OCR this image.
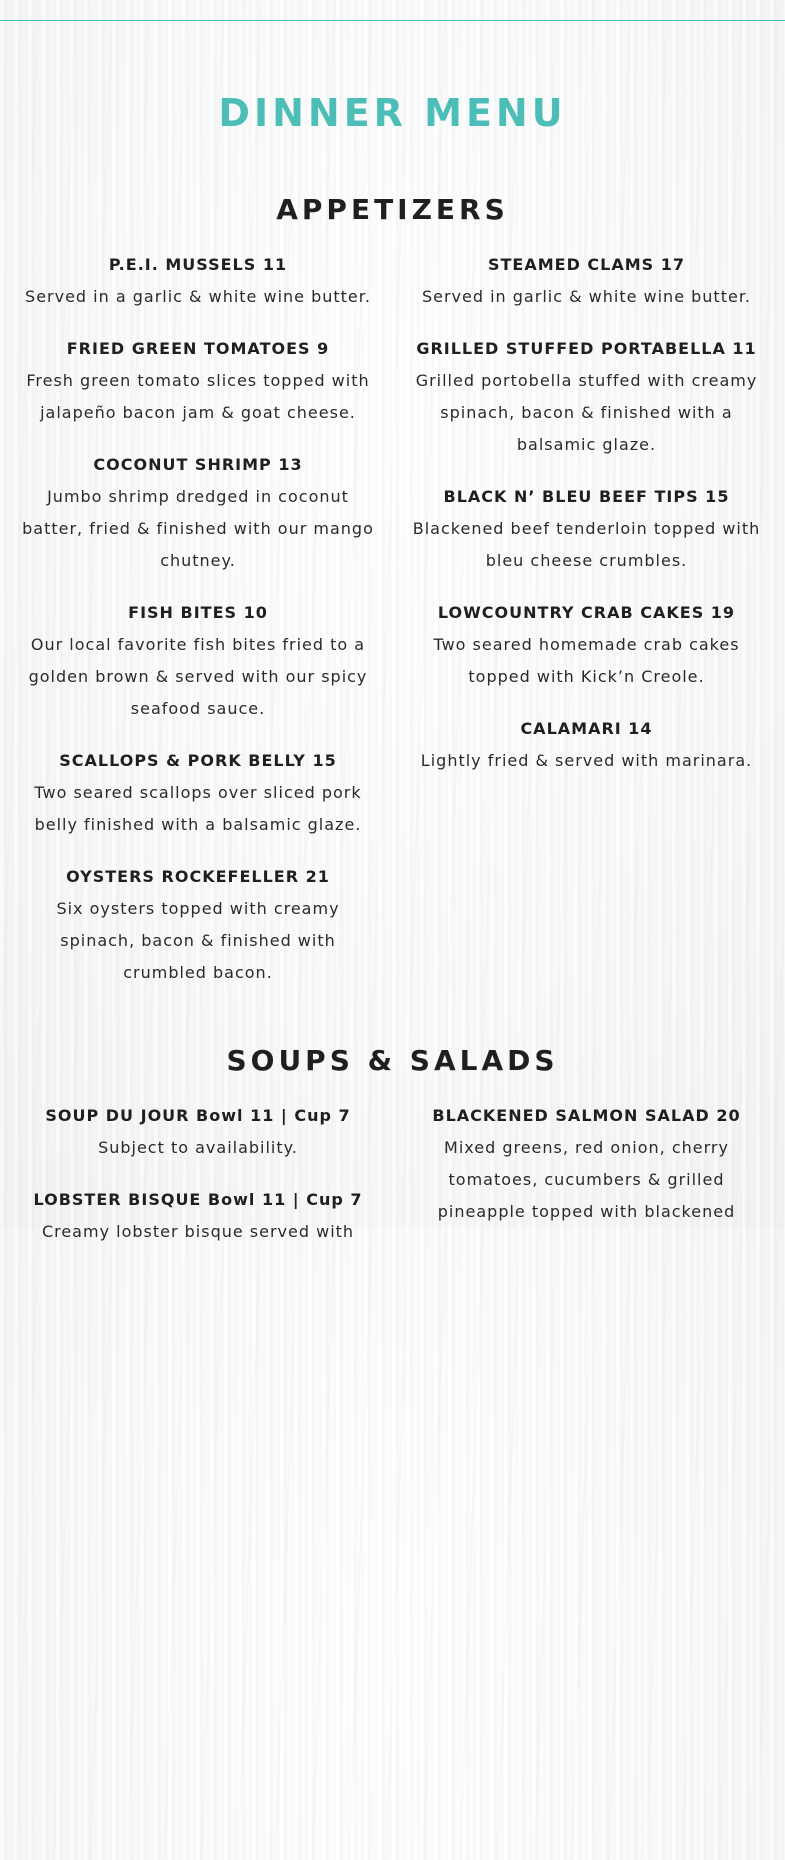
DINNER MENU
APPETIZERS
P.E.I. MUSSELS 11
Served in a garlic & white wine butter.
FRIED GREEN TOMATOES 9
Fresh green tomato slices topped with jalapeño bacon jam & goat cheese.
COCONUT SHRIMP 13
Jumbo shrimp dredged in coconut batter, fried & finished with our mango chutney.
FISH BITES 10
Our local favorite fish bites fried to a golden brown & served with our spicy seafood sauce.
SCALLOPS & PORK BELLY 15
Two seared scallops over sliced pork belly finished with a balsamic glaze.
OYSTERS ROCKEFELLER 21
Six oysters topped with creamy spinach, bacon & finished with crumbled bacon.
STEAMED CLAMS 17
Served in garlic & white wine butter.
GRILLED STUFFED PORTABELLA 11
Grilled portobella stuffed with creamy spinach, bacon & finished with a balsamic glaze.
BLACK N’ BLEU BEEF TIPS 15
Blackened beef tenderloin topped with bleu cheese crumbles.
LOWCOUNTRY CRAB CAKES 19
Two seared homemade crab cakes topped with Kick’n Creole.
CALAMARI 14
Lightly fried & served with marinara.
SOUPS & SALADS
SOUP DU JOUR Bowl 11 | Cup 7
Subject to availability.
LOBSTER BISQUE Bowl 11 | Cup 7
Creamy lobster bisque served with
BLACKENED SALMON SALAD 20
Mixed greens, red onion, cherry tomatoes, cucumbers & grilled pineapple topped with blackened
